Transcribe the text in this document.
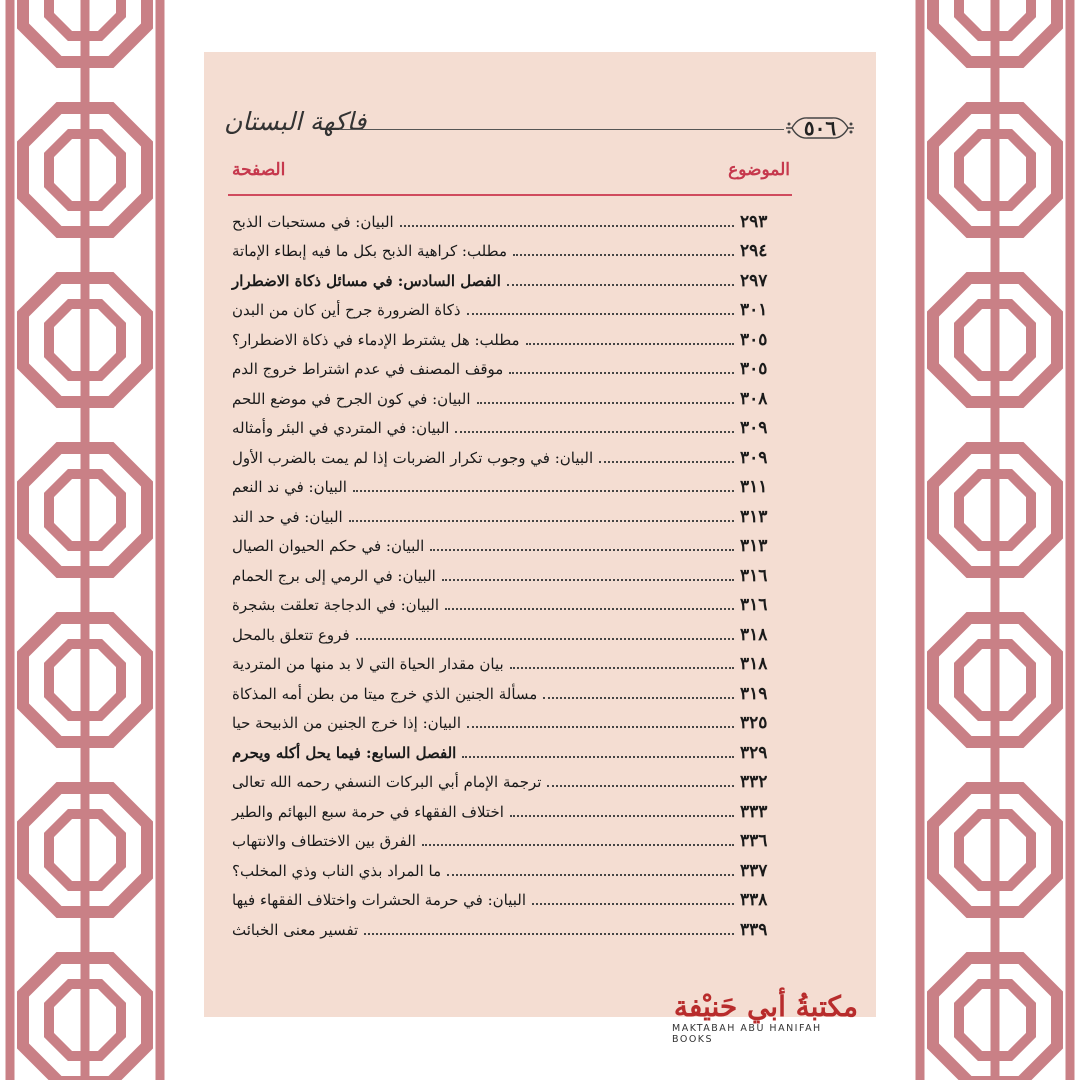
فاكهة البستان	٥٠٦
الموضوع
الصفحة
البيان: في مستحبات الذبح	٢٩٣
مطلب: كراهية الذبح بكل ما فيه إبطاء الإماتة	٢٩٤
الفصل السادس: في مسائل ذكاة الاضطرار	٢٩٧
ذكاة الضرورة جرح أين كان من البدن	٣٠١
مطلب: هل يشترط الإدماء في ذكاة الاضطرار؟	٣٠٥
موقف المصنف في عدم اشتراط خروج الدم	٣٠٥
البيان: في كون الجرح في موضع اللحم	٣٠٨
البيان: في المتردي في البئر وأمثاله	٣٠٩
البيان: في وجوب تكرار الضربات إذا لم يمت بالضرب الأول	٣٠٩
البيان: في ند النعم	٣١١
البيان: في حد الند	٣١٣
البيان: في حكم الحيوان الصيال	٣١٣
البيان: في الرمي إلى برج الحمام	٣١٦
البيان: في الدجاجة تعلقت بشجرة	٣١٦
فروع تتعلق بالمحل	٣١٨
بيان مقدار الحياة التي لا بد منها من المتردية	٣١٨
مسألة الجنين الذي خرج ميتا من بطن أمه المذكاة	٣١٩
البيان: إذا خرج الجنين من الذبيحة حيا	٣٢٥
الفصل السابع: فيما يحل أكله ويحرم	٣٢٩
ترجمة الإمام أبي البركات النسفي رحمه الله تعالى	٣٣٢
اختلاف الفقهاء في حرمة سبع البهائم والطير	٣٣٣
الفرق بين الاختطاف والانتهاب	٣٣٦
ما المراد بذي الناب وذي المخلب؟	٣٣٧
البيان: في حرمة الحشرات واختلاف الفقهاء فيها	٣٣٨
تفسير معنى الخبائث	٣٣٩
مكتبةُ أبي حَنيْفة
MAKTABAH ABU HANIFAH BOOKS
